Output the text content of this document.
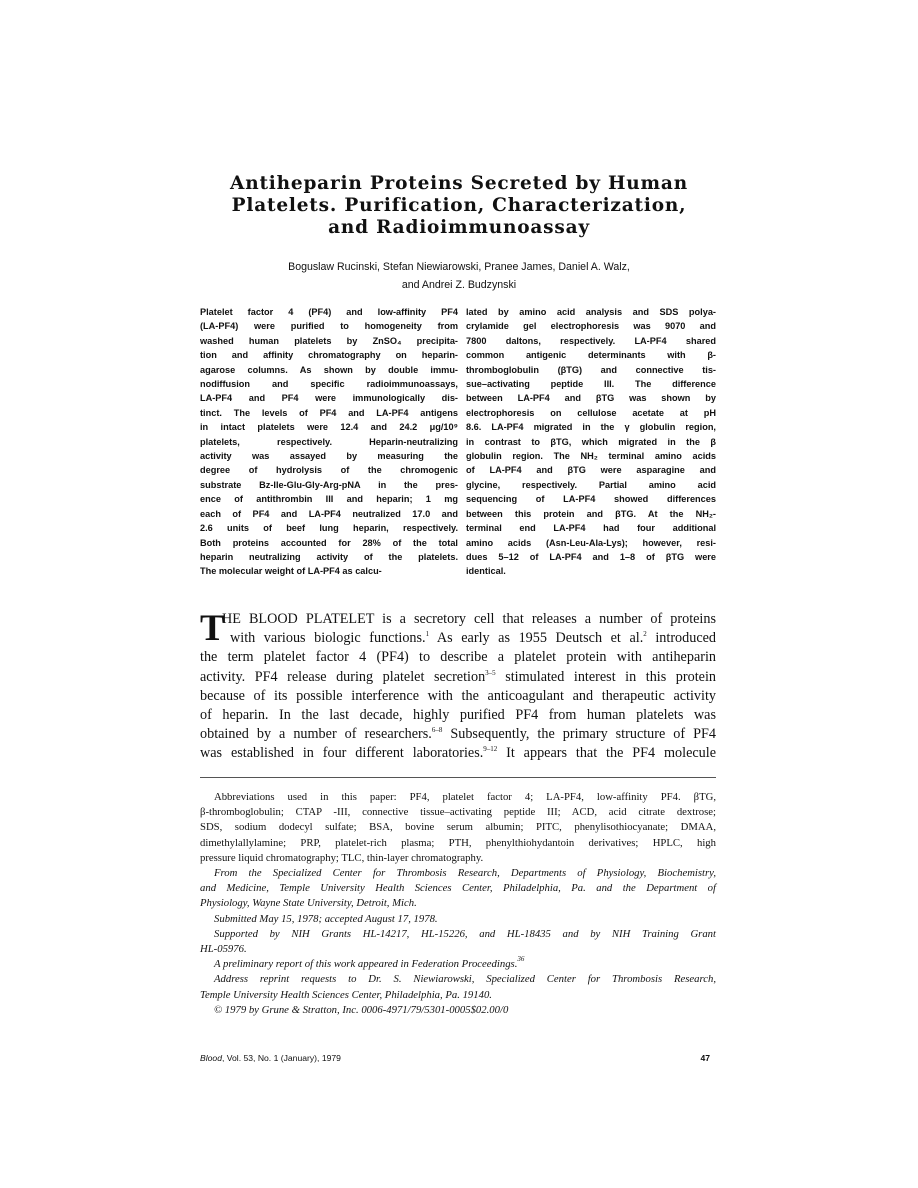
Antiheparin Proteins Secreted by Human
Platelets. Purification, Characterization,
and Radioimmunoassay
Boguslaw Rucinski, Stefan Niewiarowski, Pranee James, Daniel A. Walz,
and Andrei Z. Budzynski
Platelet factor 4 (PF4) and low-affinity PF4
(LA-PF4) were purified to homogeneity from
washed human platelets by ZnSO₄ precipita-
tion and affinity chromatography on heparin-
agarose columns. As shown by double immu-
nodiffusion and specific radioimmunoassays,
LA-PF4 and PF4 were immunologically dis-
tinct. The levels of PF4 and LA-PF4 antigens
in intact platelets were 12.4 and 24.2 μg/10⁹
platelets, respectively. Heparin-neutralizing
activity was assayed by measuring the
degree of hydrolysis of the chromogenic
substrate Bz-Ile-Glu-Gly-Arg-pNA in the pres-
ence of antithrombin III and heparin; 1 mg
each of PF4 and LA-PF4 neutralized 17.0 and
2.6 units of beef lung heparin, respectively.
Both proteins accounted for 28% of the total
heparin neutralizing activity of the platelets.
The molecular weight of LA-PF4 as calcu-
lated by amino acid analysis and SDS polya-
crylamide gel electrophoresis was 9070 and
7800 daltons, respectively. LA-PF4 shared
common antigenic determinants with β-
thromboglobulin (βTG) and connective tis-
sue–activating peptide III. The difference
between LA-PF4 and βTG was shown by
electrophoresis on cellulose acetate at pH
8.6. LA-PF4 migrated in the γ globulin region,
in contrast to βTG, which migrated in the β
globulin region. The NH₂ terminal amino acids
of LA-PF4 and βTG were asparagine and
glycine, respectively. Partial amino acid
sequencing of LA-PF4 showed differences
between this protein and βTG. At the NH₂-
terminal end LA-PF4 had four additional
amino acids (Asn-Leu-Ala-Lys); however, resi-
dues 5–12 of LA-PF4 and 1–8 of βTG were
identical.
T
HE BLOOD PLATELET is a secretory cell that releases a number of proteins
with various biologic functions.$^1$ As early as 1955 Deutsch et al.$^2$ introduced
the term platelet factor 4 (PF4) to describe a platelet protein with antiheparin
activity. PF4 release during platelet secretion$^{3-5}$ stimulated interest in this protein
because of its possible interference with the anticoagulant and therapeutic activity
of heparin. In the last decade, highly purified PF4 from human platelets was
obtained by a number of researchers.$^{6-8}$ Subsequently, the primary structure of PF4
was established in four different laboratories.$^{9-12}$ It appears that the PF4 molecule
Abbreviations used in this paper: PF4, platelet factor 4; LA-PF4, low-affinity PF4. βTG,
β-thromboglobulin; CTAP -III, connective tissue–activating peptide III; ACD, acid citrate dextrose;
SDS, sodium dodecyl sulfate; BSA, bovine serum albumin; PITC, phenylisothiocyanate; DMAA,
dimethylallylamine; PRP, platelet-rich plasma; PTH, phenylthiohydantoin derivatives; HPLC, high
pressure liquid chromatography; TLC, thin-layer chromatography.
From the Specialized Center for Thrombosis Research, Departments of Physiology, Biochemistry,
and Medicine, Temple University Health Sciences Center, Philadelphia, Pa. and the Department of
Physiology, Wayne State University, Detroit, Mich.
Submitted May 15, 1978; accepted August 17, 1978.
Supported by NIH Grants HL-14217, HL-15226, and HL-18435 and by NIH Training Grant
HL-05976.
A preliminary report of this work appeared in Federation Proceedings.$^{36}$
Address reprint requests to Dr. S. Niewiarowski, Specialized Center for Thrombosis Research,
Temple University Health Sciences Center, Philadelphia, Pa. 19140.
© 1979 by Grune & Stratton, Inc. 0006-4971/79/5301-0005$02.00/0
Blood, Vol. 53, No. 1 (January), 1979	47
